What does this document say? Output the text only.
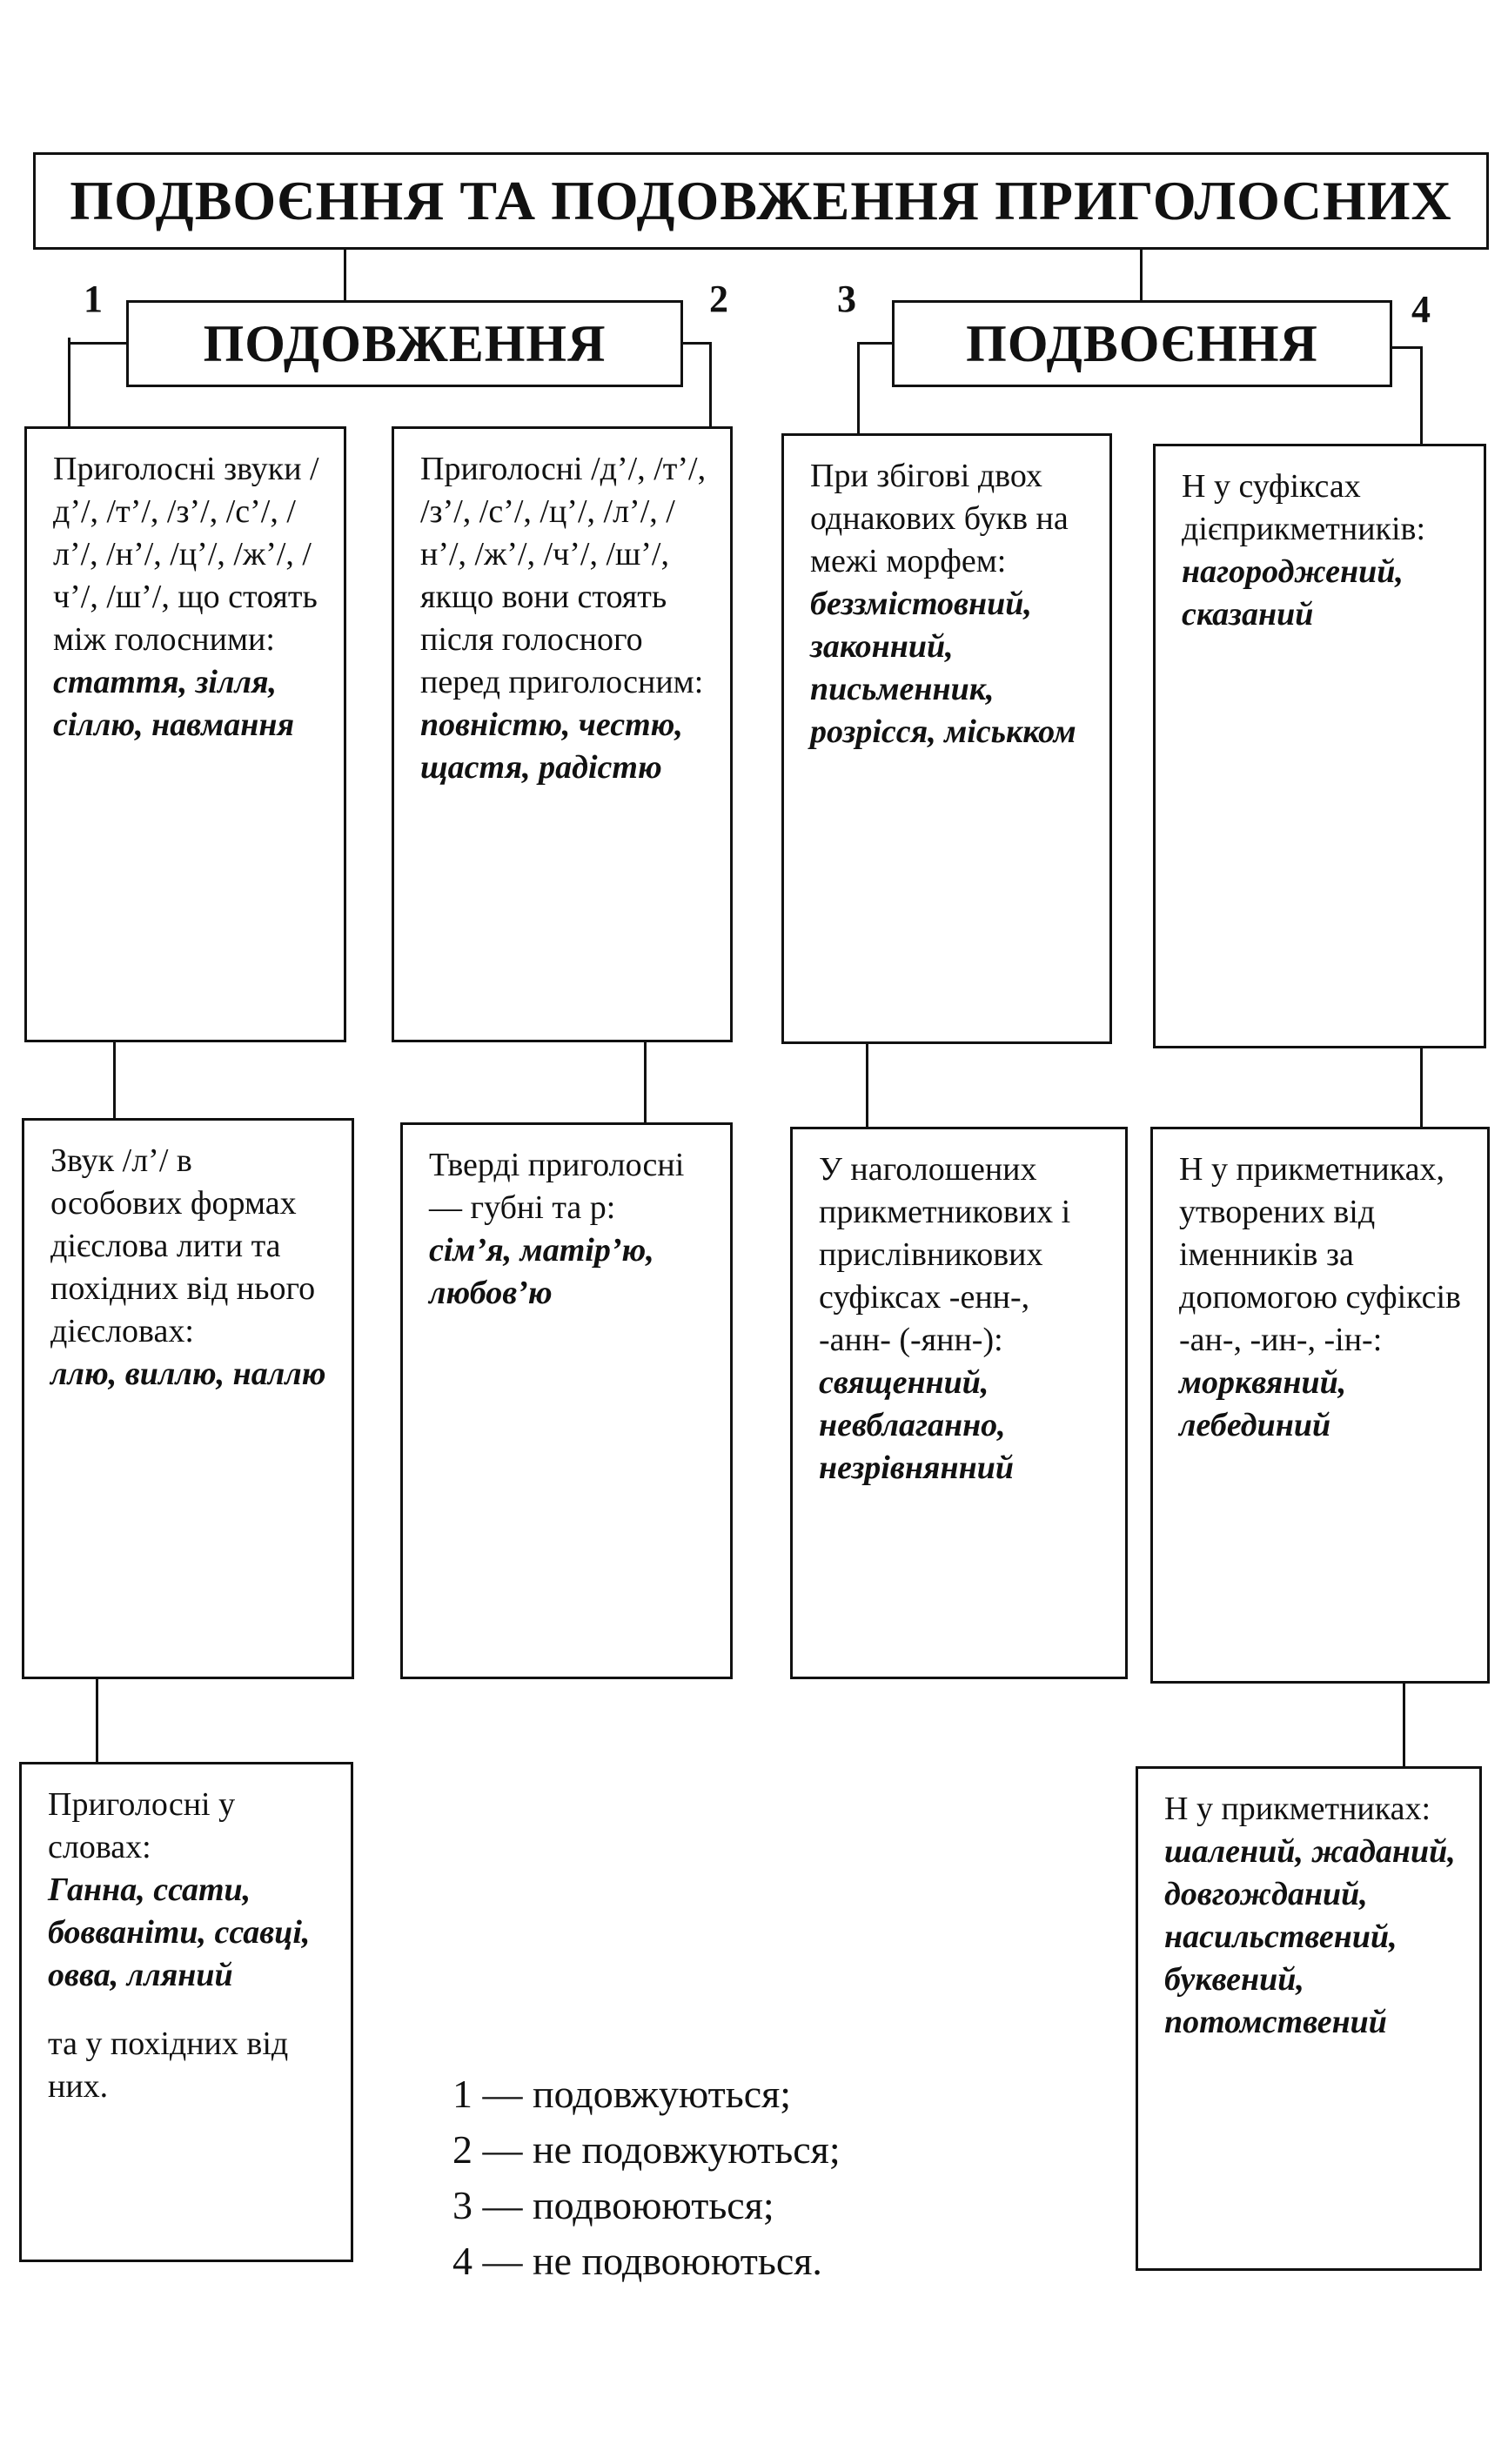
ПОДВОЄННЯ ТА ПОДОВЖЕННЯ ПРИГОЛОСНИХ
ПОДОВЖЕННЯ	ПОДВОЄННЯ
1	2	3	4

Приголосні звуки /д’/, /т’/, /з’/, /с’/, /л’/, /н’/, /ц’/, /ж’/, /ч’/, /ш’/, що стоять між голосними:

стаття, зілля, сіллю, навмання

Приголосні /д’/, /т’/, /з’/, /с’/, /ц’/, /л’/, /н’/, /ж’/, /ч’/, /ш’/, якщо вони стоять після голосного перед приголосним:

повністю, честю, щастя, радістю

При збігові двох однакових букв на межі морфем:

беззмістовний, законний, письменник, розрісся, міськком

Н у суфіксах дієприкметників:

нагороджений, сказаний

Звук /л’/ в особових формах дієслова лити та похідних від нього дієсловах:

ллю, виллю, наллю

Тверді приголосні — губні та р:

сім’я, матір’ю, любов’ю

У наголошених прикметникових і прислівникових суфіксах -енн-, -анн- (-янн-):

священний, невблаганно, незрівнянний

Н у прикметниках, утворених від іменників за допомогою суфіксів -ан-, -ин-, -ін-:

морквяний, лебединий

Приголосні у словах:

Ганна, ссати, бовваніти, ссавці, овва, лляний

та у похідних від них.

Н у прикметниках:

шалений, жаданий, довгожданий, насильствений, буквений, потомствений
1 — подовжуються;
2 — не подовжуються;
3 — подвоюються;
4 — не подвоюються.
